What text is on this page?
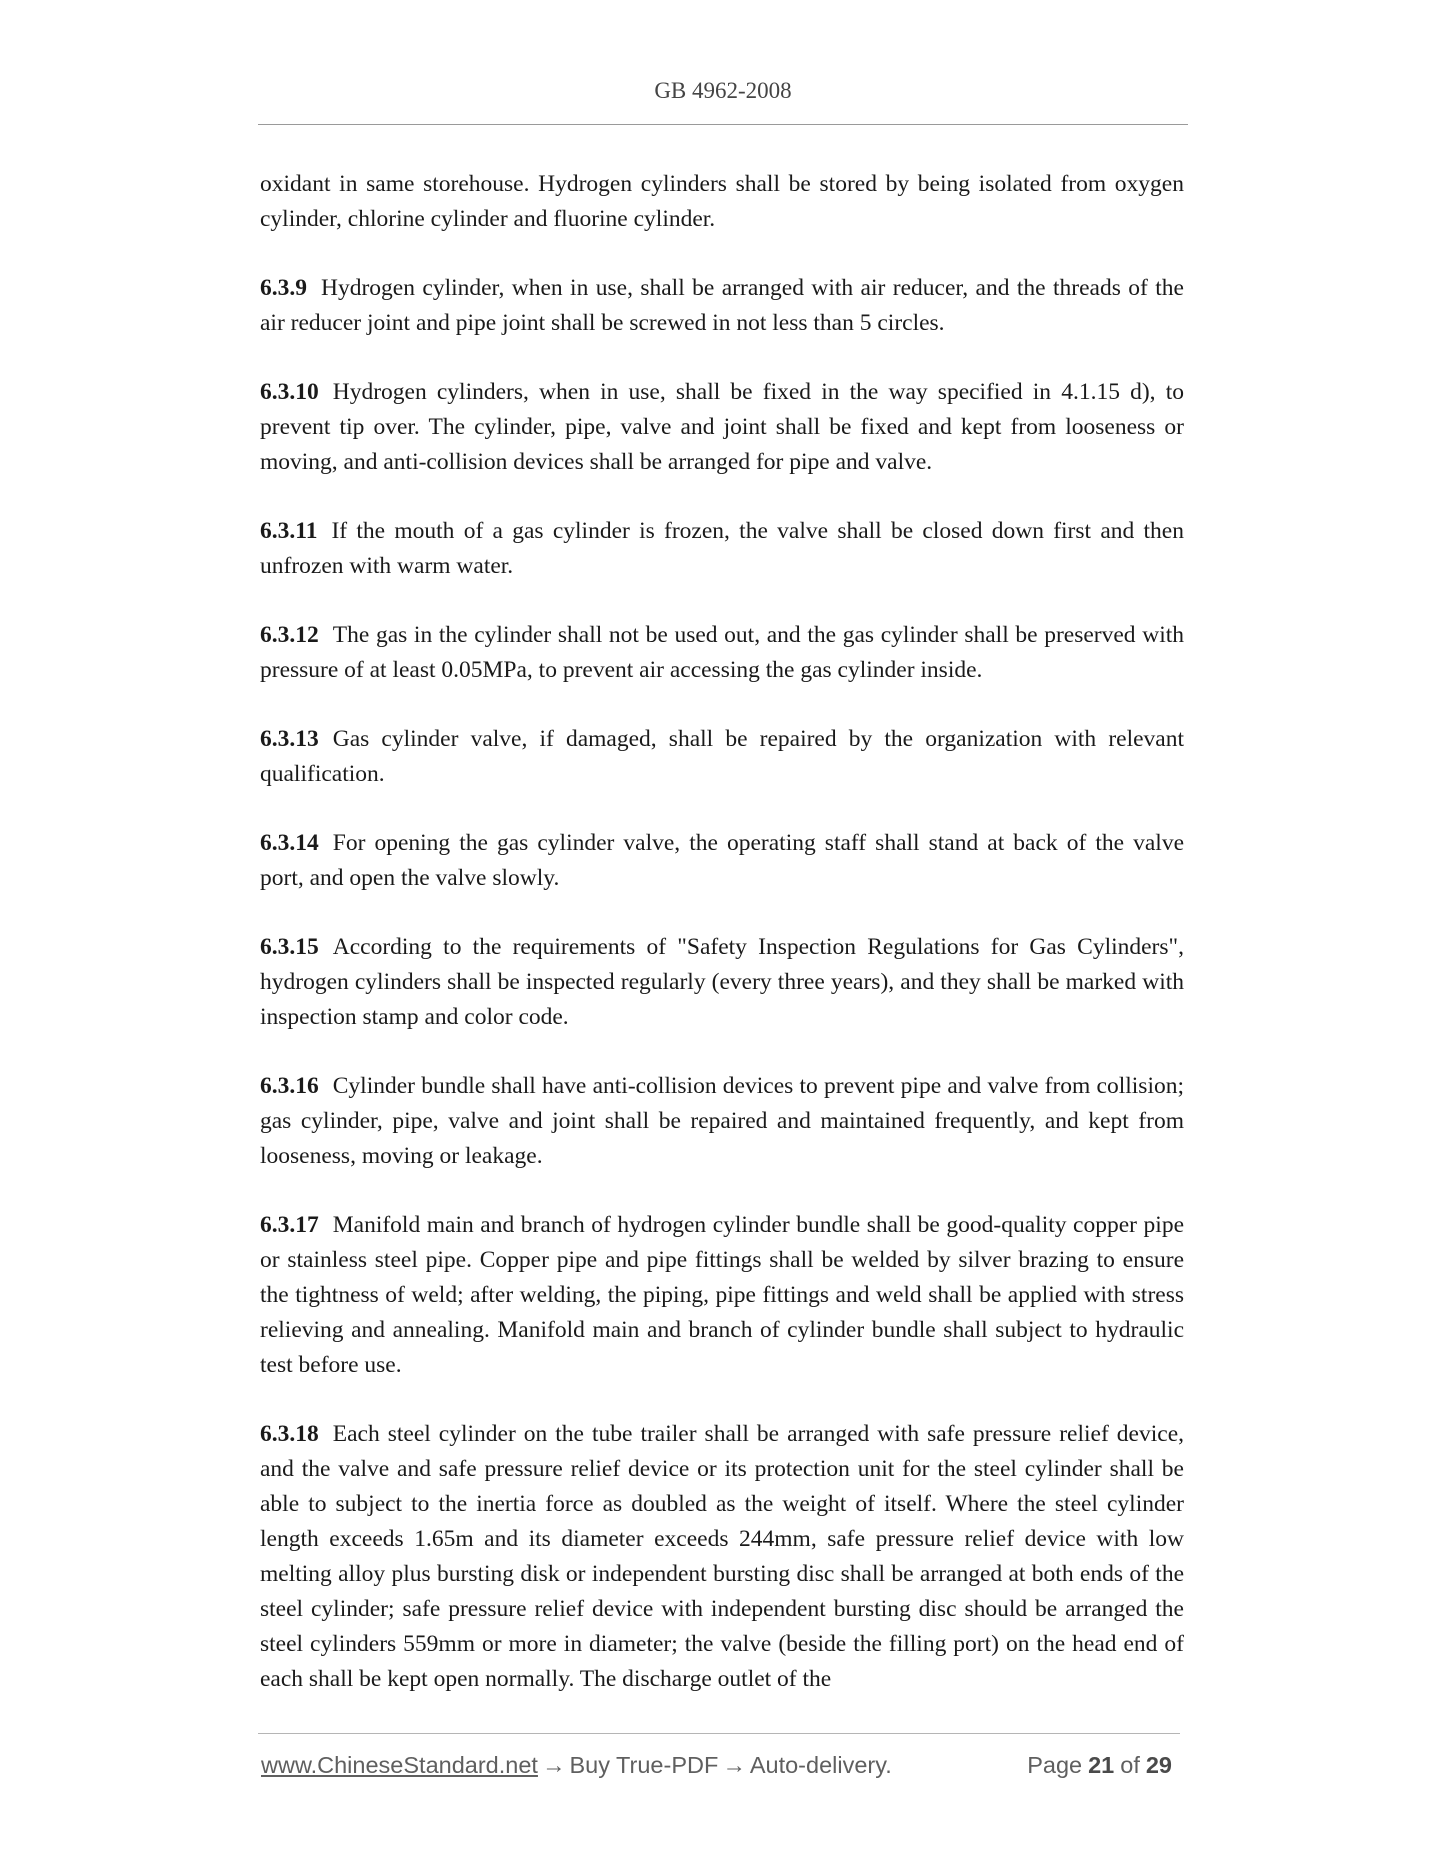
GB 4962-2008

oxidant in same storehouse. Hydrogen cylinders shall be stored by being isolated from oxygen cylinder, chlorine cylinder and fluorine cylinder.

6.3.9 Hydrogen cylinder, when in use, shall be arranged with air reducer, and the threads of the air reducer joint and pipe joint shall be screwed in not less than 5 circles.

6.3.10 Hydrogen cylinders, when in use, shall be fixed in the way specified in 4.1.15 d), to prevent tip over. The cylinder, pipe, valve and joint shall be fixed and kept from looseness or moving, and anti-collision devices shall be arranged for pipe and valve.

6.3.11 If the mouth of a gas cylinder is frozen, the valve shall be closed down first and then unfrozen with warm water.

6.3.12 The gas in the cylinder shall not be used out, and the gas cylinder shall be preserved with pressure of at least 0.05MPa, to prevent air accessing the gas cylinder inside.

6.3.13 Gas cylinder valve, if damaged, shall be repaired by the organization with relevant qualification.

6.3.14 For opening the gas cylinder valve, the operating staff shall stand at back of the valve port, and open the valve slowly.

6.3.15 According to the requirements of "Safety Inspection Regulations for Gas Cylinders", hydrogen cylinders shall be inspected regularly (every three years), and they shall be marked with inspection stamp and color code.

6.3.16 Cylinder bundle shall have anti-collision devices to prevent pipe and valve from collision; gas cylinder, pipe, valve and joint shall be repaired and maintained frequently, and kept from looseness, moving or leakage.

6.3.17 Manifold main and branch of hydrogen cylinder bundle shall be good-quality copper pipe or stainless steel pipe. Copper pipe and pipe fittings shall be welded by silver brazing to ensure the tightness of weld; after welding, the piping, pipe fittings and weld shall be applied with stress relieving and annealing. Manifold main and branch of cylinder bundle shall subject to hydraulic test before use.

6.3.18 Each steel cylinder on the tube trailer shall be arranged with safe pressure relief device, and the valve and safe pressure relief device or its protection unit for the steel cylinder shall be able to subject to the inertia force as doubled as the weight of itself. Where the steel cylinder length exceeds 1.65m and its diameter exceeds 244mm, safe pressure relief device with low melting alloy plus bursting disk or independent bursting disc shall be arranged at both ends of the steel cylinder; safe pressure relief device with independent bursting disc should be arranged the steel cylinders 559mm or more in diameter; the valve (beside the filling port) on the head end of each shall be kept open normally. The discharge outlet of the

www.ChineseStandard.net → Buy True-PDF → Auto-delivery.	Page 21 of 29
